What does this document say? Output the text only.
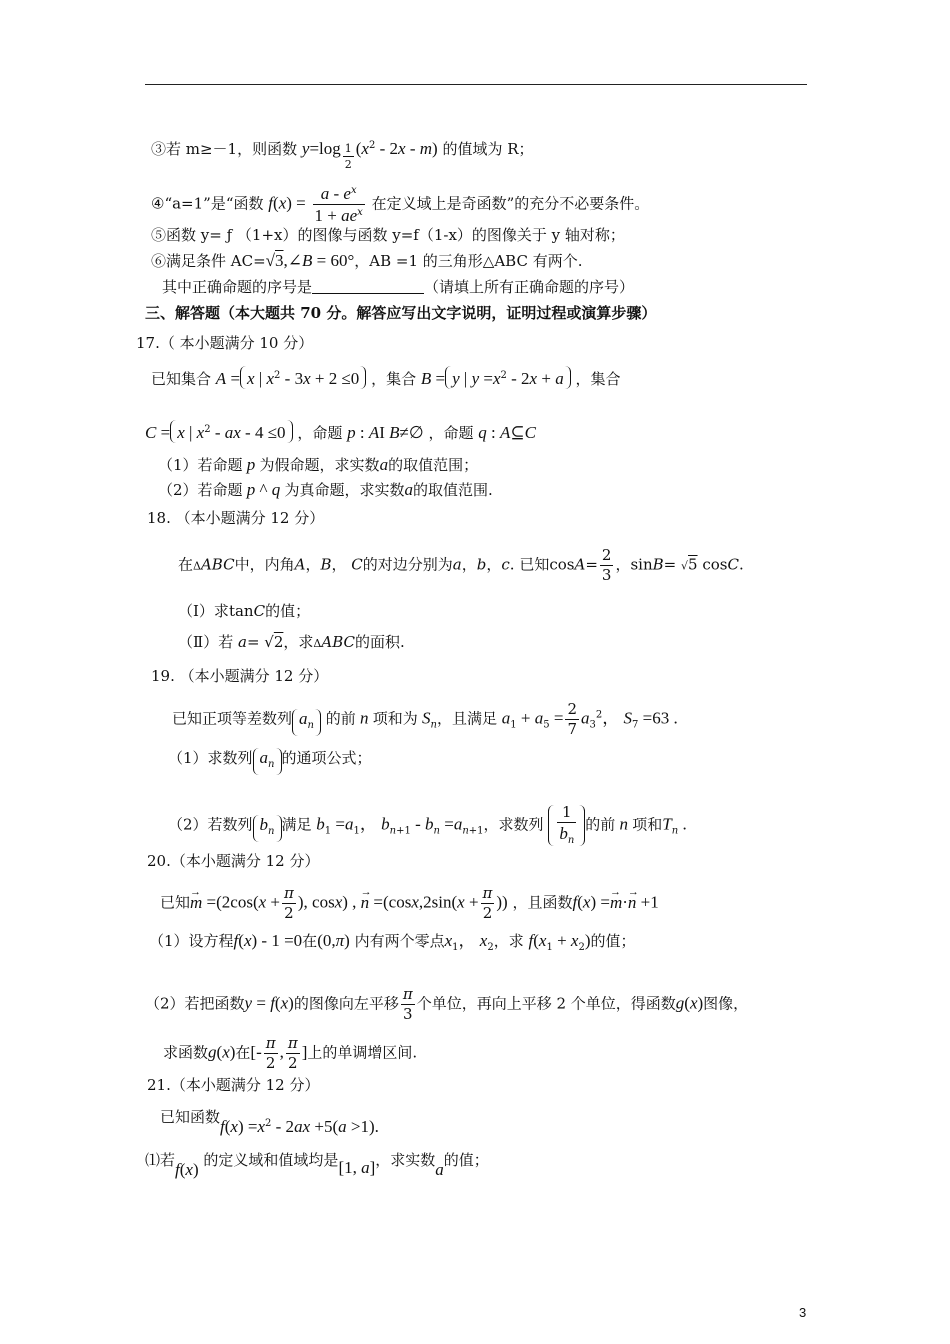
③若 m≥－1，则函数 $y=\log \frac{1}{2} (x^2 - 2x - m)$ 的值域为 R；
④“a=1”是“函数 $f(x) = \frac{a - e^x}{1 + ae^x}$ 在定义域上是奇函数”的充分不必要条件。
⑤函数 y= ƒ （1+x）的图像与函数 y=f（1-x）的图像关于 y 轴对称；
⑥满足条件 AC=√3,∠B = 60°，AB =1 的三角形△ABC 有两个.
其中正确命题的序号是	（请填上所有正确命题的序号）
三、解答题（本大题共 70 分。解答应写出文字说明，证明过程或演算步骤）
17.（ 本小题满分 10 分）
已知集合 A = x | $x^2 - 3x + 2 \le 0$ ，集合 B = y | $y =x^2 - 2x + a$ ，集合
C = x | $x^2$ - ax - 4 ≤0 ，命题 p : AI B≠∅ ，命题 q : A⊆C
（1）若命题 p 为假命题，求实数a的取值范围；
（2）若命题 p ^ q 为真命题，求实数a的取值范围.
18. （本小题满分 12 分）
在ΔABC中，内角A，B， C的对边分别为a，b，c. 已知$\cos A= \frac{2}{3}$ ，sinB= √5 cosC.
（Ⅰ）求tanC的值；
（Ⅱ）若 a= √2，求ΔABC的面积.
19. （本小题满分 12 分）
已知正项等差数列 $a_n$ 的前 n 项和为 $S_n$，且满足 $a_1 + a_5 = \frac{2}{7} a_3^2$， $S_7 =63$ .
（1）求数列 $a_n$ 的通项公式；
（2）若数列 $b_n$ 满足 $b_1 =a_1$， $b_{n+1} - b_n =a_{n+1}$，求数列 $\frac{1}{b_n}$ 的前 n 项和$T_n$ .
20.（本小题满分 12 分）
已知→ $m =(2\cos(x + \frac{\pi}{2}$ ), cosx) , → $n =(\cos x,2\sin(x + \frac{\pi}{2}$ )) ，且函数f(x) =→ m·→ n +1
（1）设方程f(x) - 1 =0在(0,π) 内有两个零点$x_1$， $x_2$，求 $f(x_1 + x_2)$的值；
（2）若把函数y = f(x)的图像向左平移 $\frac{\pi}{3}$ 个单位，再向上平移 2 个单位，得函数g(x)图像，
求函数g(x)在[- $\frac{\pi}{2}$ , $\frac{\pi}{2}$ ]上的单调增区间.
21.（本小题满分 12 分）
已知函数$f(x) =x^2 - 2ax +5(a >1)$.
⑴若f(x) 的定义域和值域均是[1, a]，求实数a的值；
3
